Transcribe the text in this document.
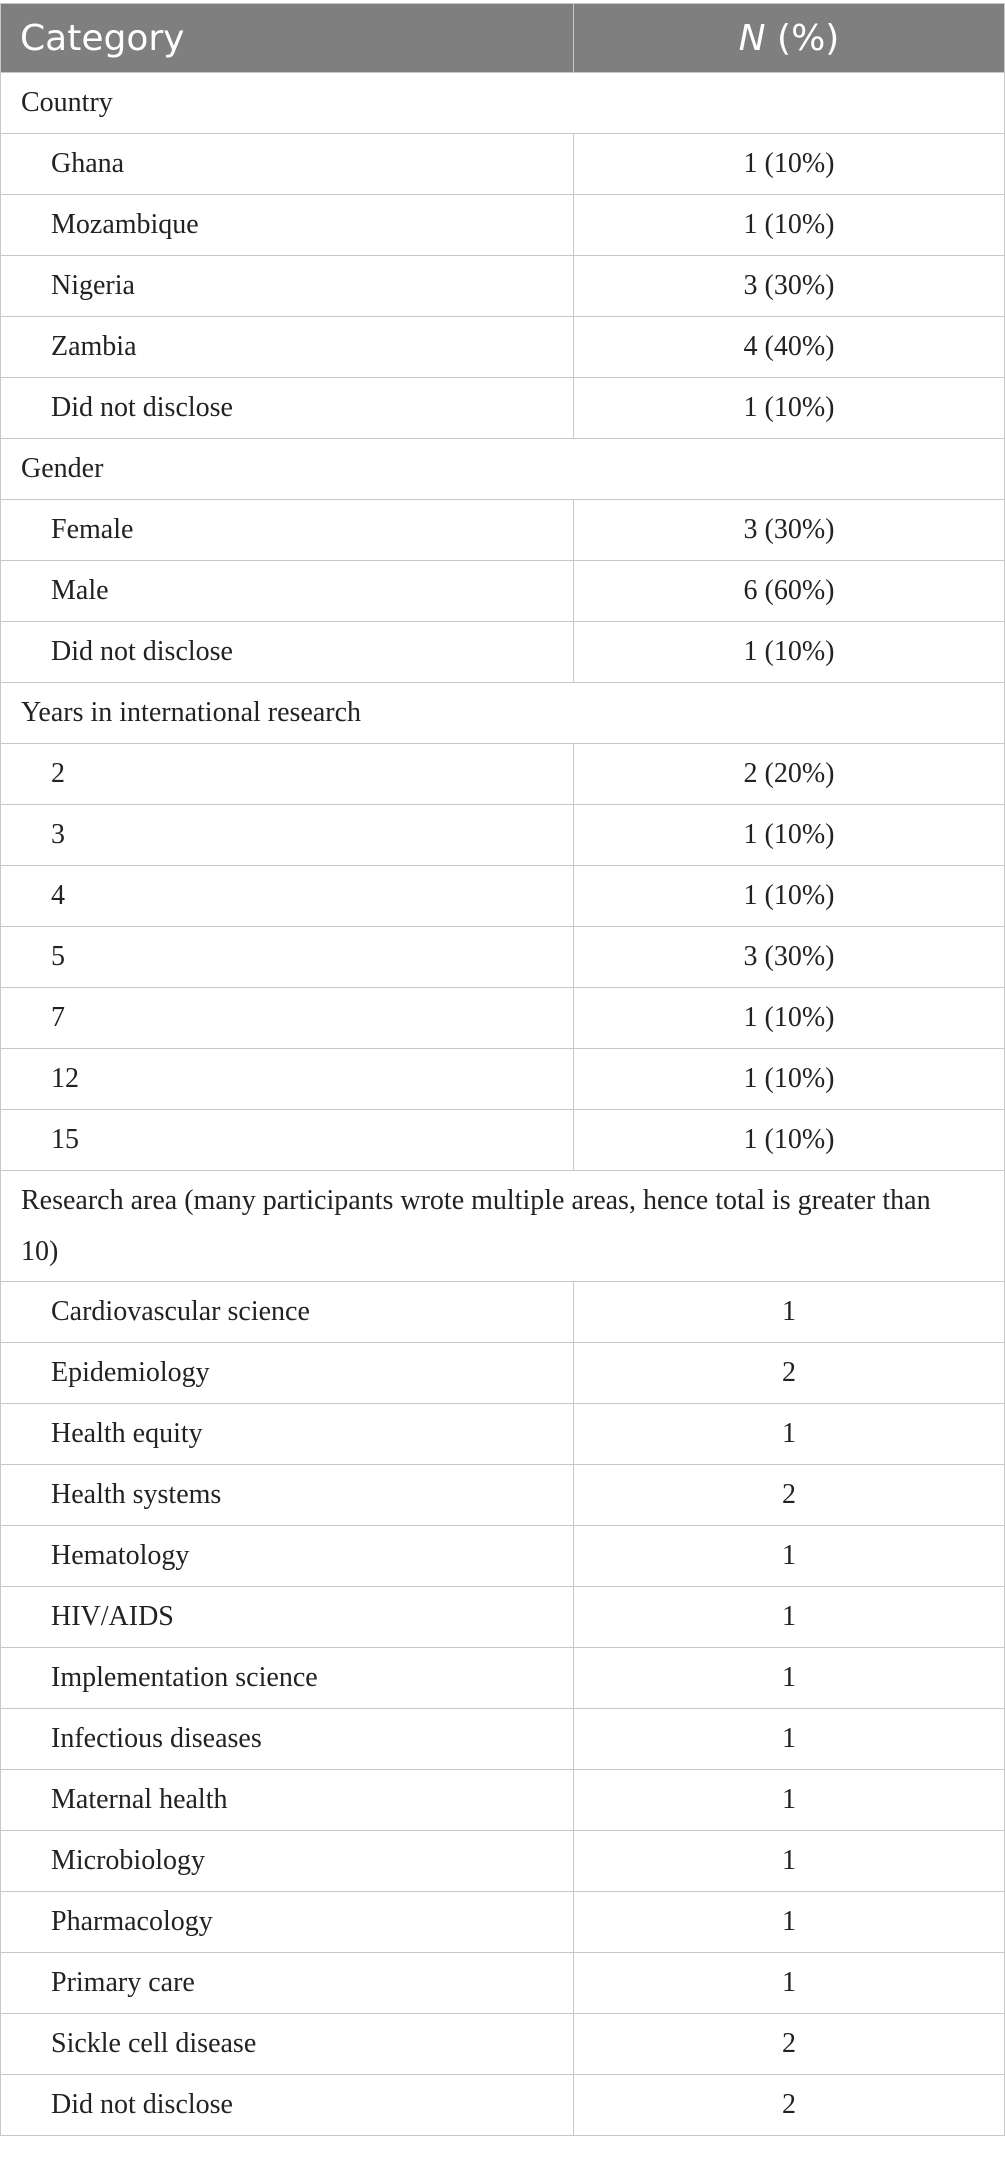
Category	N (%)
Country	
Ghana	1 (10%)
Mozambique	1 (10%)
Nigeria	3 (30%)
Zambia	4 (40%)
Did not disclose	1 (10%)
Gender	
Female	3 (30%)
Male	6 (60%)
Did not disclose	1 (10%)
Years in international research	
2	2 (20%)
3	1 (10%)
4	1 (10%)
5	3 (30%)
7	1 (10%)
12	1 (10%)
15	1 (10%)
Research area (many participants wrote multiple areas, hence total is greater than 10)	
Cardiovascular science	1
Epidemiology	2
Health equity	1
Health systems	2
Hematology	1
HIV/AIDS	1
Implementation science	1
Infectious diseases	1
Maternal health	1
Microbiology	1
Pharmacology	1
Primary care	1
Sickle cell disease	2
Did not disclose	2
